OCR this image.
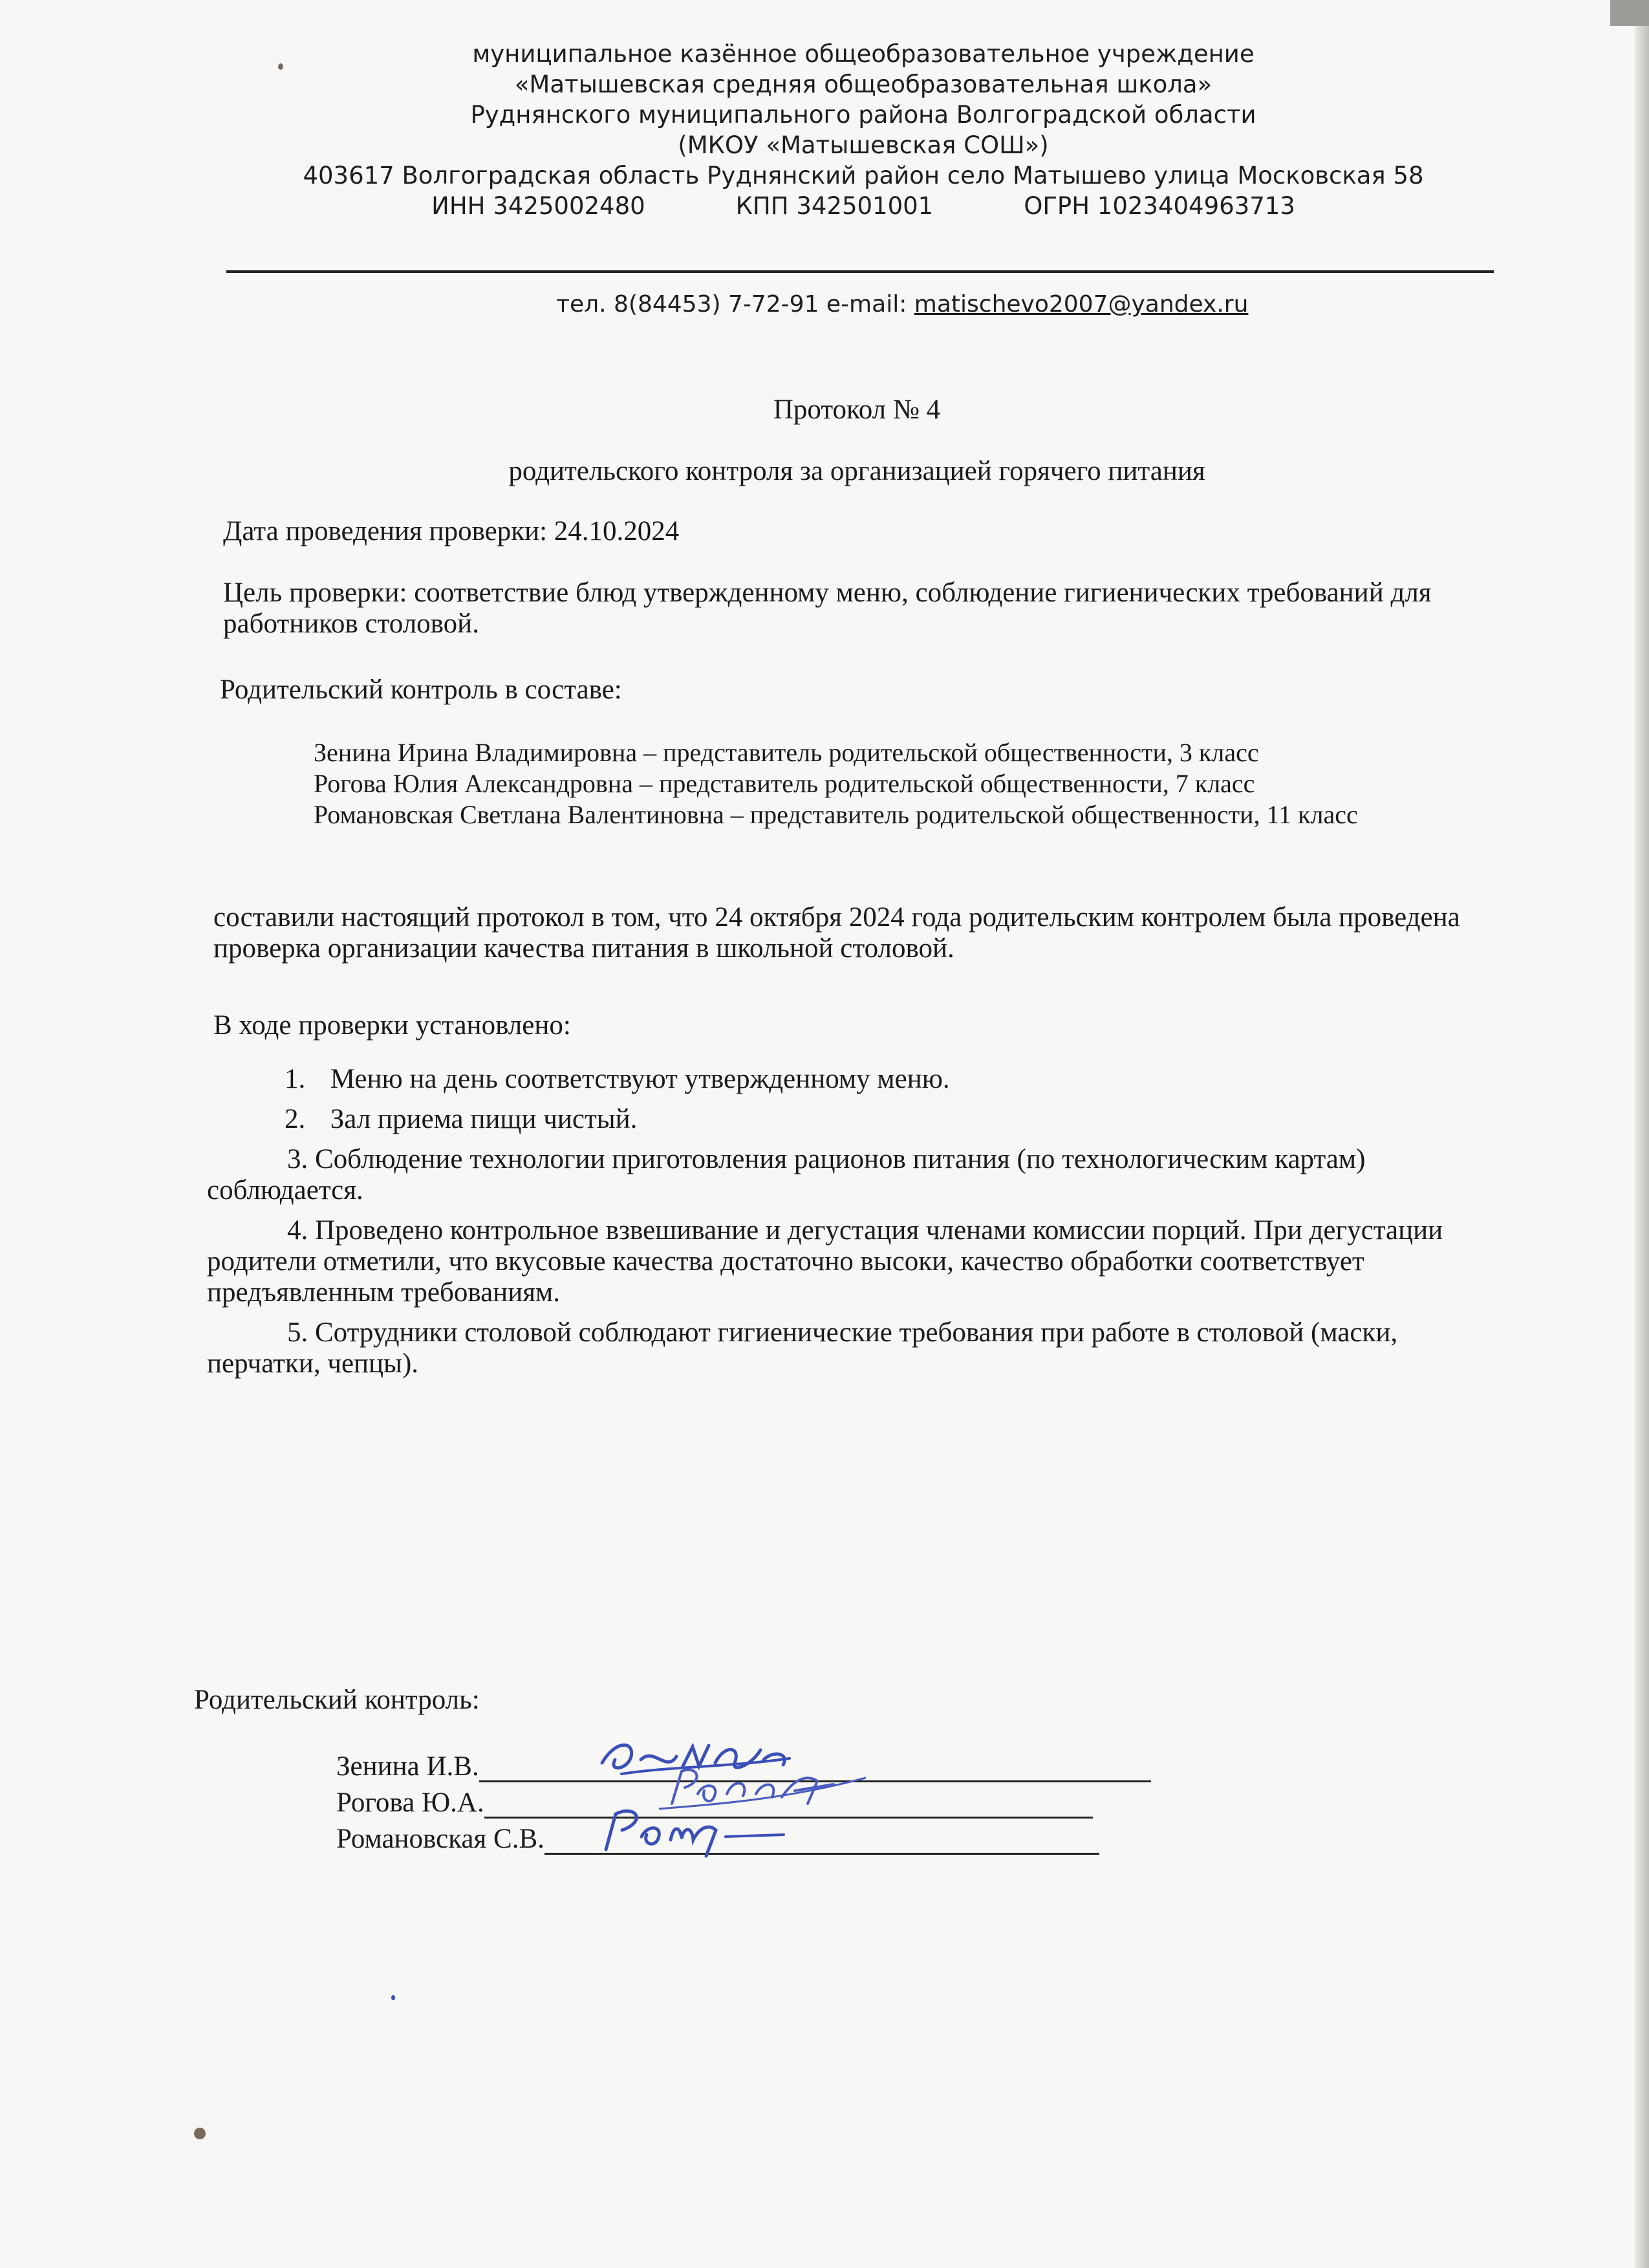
муниципальное казённое общеобразовательное учреждение
«Матышевская средняя общеобразовательная школа»
Руднянского муниципального района Волгоградской области
(МКОУ «Матышевская СОШ»)
403617 Волгоградская область Руднянский район село Матышево улица Московская 58
ИНН 3425002480	КПП 342501001	ОГРН 1023404963713
тел. 8(84453) 7-72-91 e-mail: matischevo2007@yandex.ru
Протокол № 4
родительского контроля за организацией горячего питания
Дата проведения проверки: 24.10.2024
Цель проверки: соответствие блюд утвержденному меню, соблюдение гигиенических требований для работников столовой.
Родительский контроль в составе:
Зенина Ирина Владимировна – представитель родительской общественности, 3 класс
Рогова Юлия Александровна – представитель родительской общественности, 7 класс
Романовская Светлана Валентиновна – представитель родительской общественности, 11 класс
составили настоящий протокол в том, что 24 октября 2024 года родительским контролем была проведена проверка организации качества питания в школьной столовой.
В ходе проверки установлено:
1. Меню на день соответствуют утвержденному меню.
2. Зал приема пищи чистый.
3. Соблюдение технологии приготовления рационов питания (по технологическим картам) соблюдается.
4. Проведено контрольное взвешивание и дегустация членами комиссии порций. При дегустации родители отметили, что вкусовые качества достаточно высоки, качество обработки соответствует предъявленным требованиям.
5. Сотрудники столовой соблюдают гигиенические требования при работе в столовой (маски, перчатки, чепцы).
Родительский контроль:
Зенина И.В.
Рогова Ю.А.
Романовская С.В.
